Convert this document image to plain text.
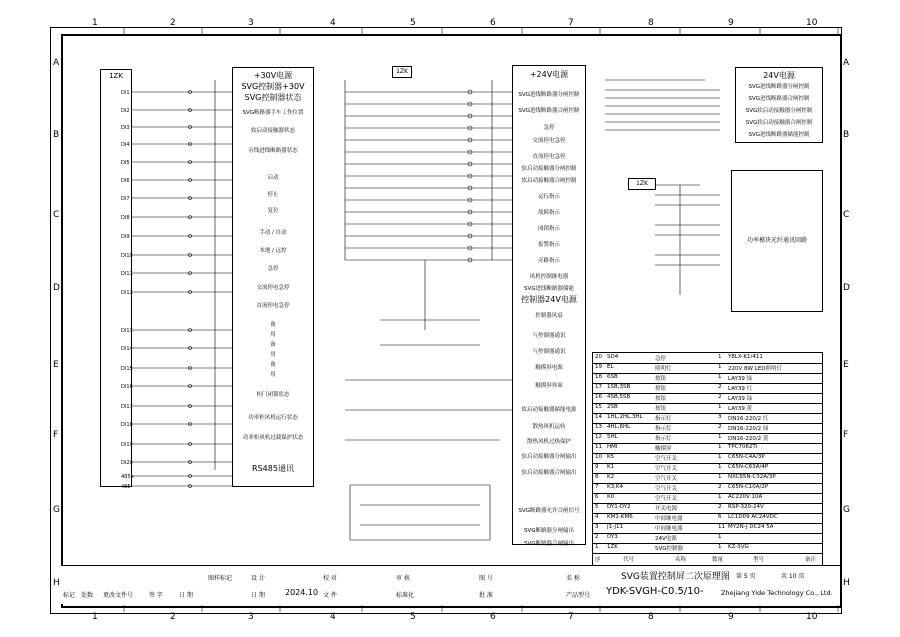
1	2	3	4	5	6	7	8	9	10
1	2	3	4	5	6	7	8	9	10
A
B
C
D
E
F
G
H
A
B
C
D
E
F
G
H
1ZK
DI1
DI2
DI3
DI4
DI5
DI6
DI7
DI8
DI9
DI10
DI11
DI12
DI13
DI14
DI15
DI16
DI17
DI18
DI19
DI20
485+
485-
+30V电源
SVG控制器+30V
SVG控制器状态
SVG断路器手车工作位置
软启动接触器状态
旁线进线断路器状态
启动
停止
复位
手动 / 自动
本地 / 远控
急停
交流停电急停
直流停电急停
备
用
备
用
备
用
柜门闭锁状态
功率柜风机运行状态
功率柜风机过载保护状态
RS485通讯
1ZK	+24V电源
SVG进线断路器分闸控制
SVG进线断路器合闸控制
急停
交流停电急停
直流停电急停
软启动接触器分闸控制
软启动接触器合闸控制
运行指示
故障指示
闭锁指示
报警指示
旁路指示
风机控制继电器
SVG进线断路器储能
控制器24V电源
控制器风扇
与控制器通讯
与控制器通讯
触摸屏电源
触摸屏界面
软启动接触器储能电源
散热风机运转
散热风机过热保护
软启动接触器分闸输出
软启动接触器合闸输出
SVG断路器允许合闸信号
SVG断路器分闸输出
SVG断路器合闸输出
24V电源
SVG进线断路器分闸控制
SVG进线断路器合闸控制
SVG软启动接触器分闸控制
SVG软启动接触器合闸控制
SVG进线断路器储能控制
1ZK
功率模块光纤通讯回路
20 SD4	急停	1 Y8LX-K1/411
19 EL	照明灯	1 220V 8W LED照明灯
18 6SB	按钮	1 LAY39 绿
17 1SB,3SB	按钮	2 LAY39 红
16 4SB,5SB	按钮	2 LAY39 绿
15 2SB	按钮	1 LAY39 黄
14 1HL,2HL,3HL 指示灯	3 DN16-220/2 红
13 4HL,6HL	指示灯	2 DN16-220/2 绿
12 5HL	指示灯	1 DN16-220/2 黄
11 HMI	触摸屏	1 TPC7062Ti
10 K5	空气开关	1 C65N-C4A/3P
9 K1	空气开关	1 C65N-C63A/4P
8 K2	空气开关	1 NXC65N-C32A/3P
7 K3,K4	空气开关	2 C65N-C10A/2P
6 K0	空气开关	1 AC220V 10A
5 DY1-DY2	开关电源	2 RSP-320-24V
4 KM1-KM6	中间继电器	6 LC1D09 AC24VDC
3 J1-J11	中间继电器	11 MY2N-J DC24 5A
2 DY3	24V电源	1
1 1ZK	SVG控制器	1 KZ-SVG
序	代号	名称	数量	型号	备注
标记 处数 更改文件号	签 字	日 期
图样标记	设 计
日 期	2024.10
校 对
文 件
审 核
标准化
图 号
批 准
名 称
产品型号
SVG装置控制屏二次原理图
YDK-SVGH-C0.5/10-
第 5 页	共 10 页
Zhejiang Yide Technology Co., Ltd.
